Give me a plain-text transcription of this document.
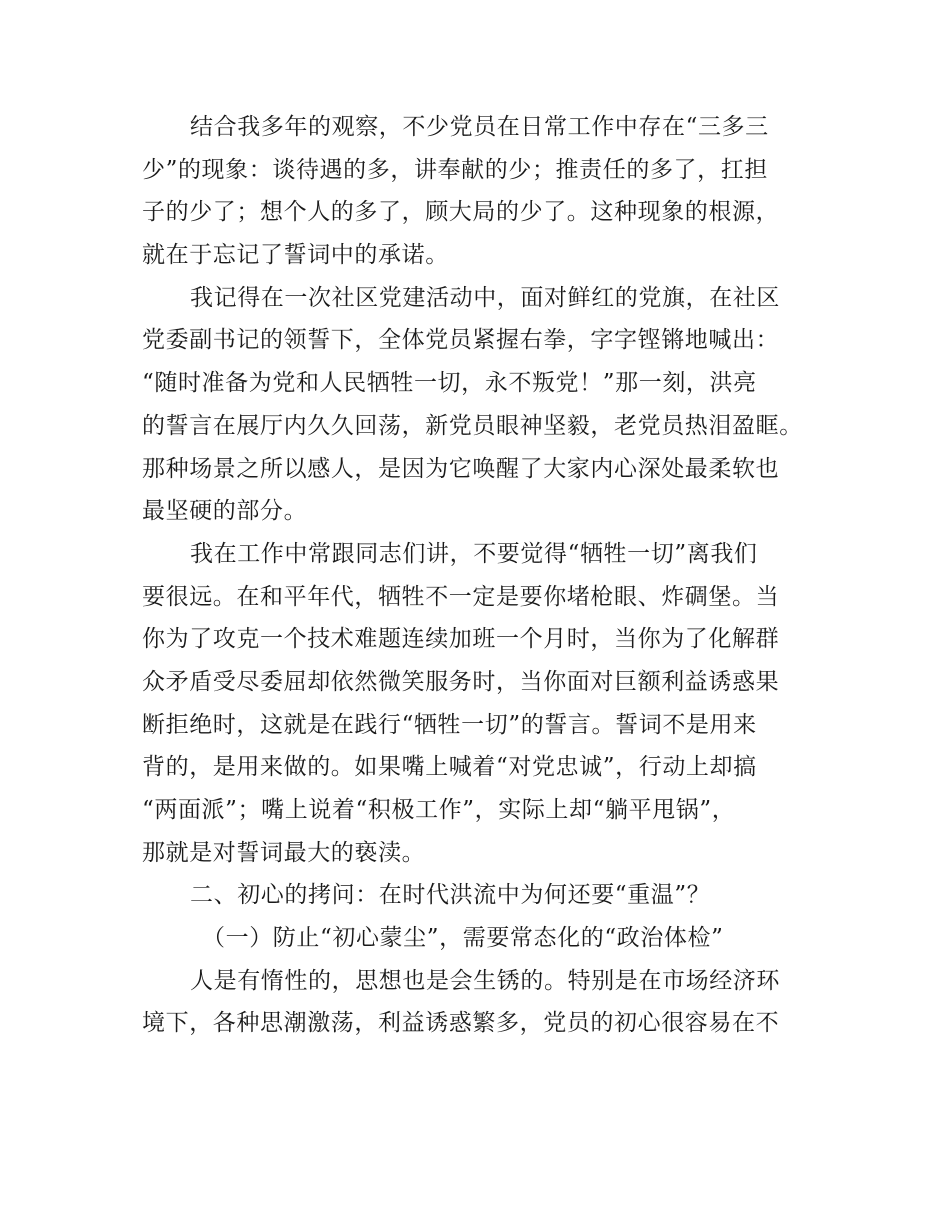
结合我多年的观察，不少党员在日常工作中存在“三多三
少”的现象：谈待遇的多，讲奉献的少；推责任的多了，扛担
子的少了；想个人的多了，顾大局的少了。这种现象的根源，
就在于忘记了誓词中的承诺。
我记得在一次社区党建活动中，面对鲜红的党旗，在社区
党委副书记的领誓下，全体党员紧握右拳，字字铿锵地喊出：
“随时准备为党和人民牺牲一切，永不叛党！”那一刻，洪亮
的誓言在展厅内久久回荡，新党员眼神坚毅，老党员热泪盈眶。
那种场景之所以感人，是因为它唤醒了大家内心深处最柔软也
最坚硬的部分。
我在工作中常跟同志们讲，不要觉得“牺牲一切”离我们
要很远。在和平年代，牺牲不一定是要你堵枪眼、炸碉堡。当
你为了攻克一个技术难题连续加班一个月时，当你为了化解群
众矛盾受尽委屈却依然微笑服务时，当你面对巨额利益诱惑果
断拒绝时，这就是在践行“牺牲一切”的誓言。誓词不是用来
背的，是用来做的。如果嘴上喊着“对党忠诚”，行动上却搞
“两面派”；嘴上说着“积极工作”，实际上却“躺平甩锅”，
那就是对誓词最大的亵渎。
二、初心的拷问：在时代洪流中为何还要“重温”？
（一）防止“初心蒙尘”，需要常态化的“政治体检”
人是有惰性的，思想也是会生锈的。特别是在市场经济环
境下，各种思潮激荡，利益诱惑繁多，党员的初心很容易在不
